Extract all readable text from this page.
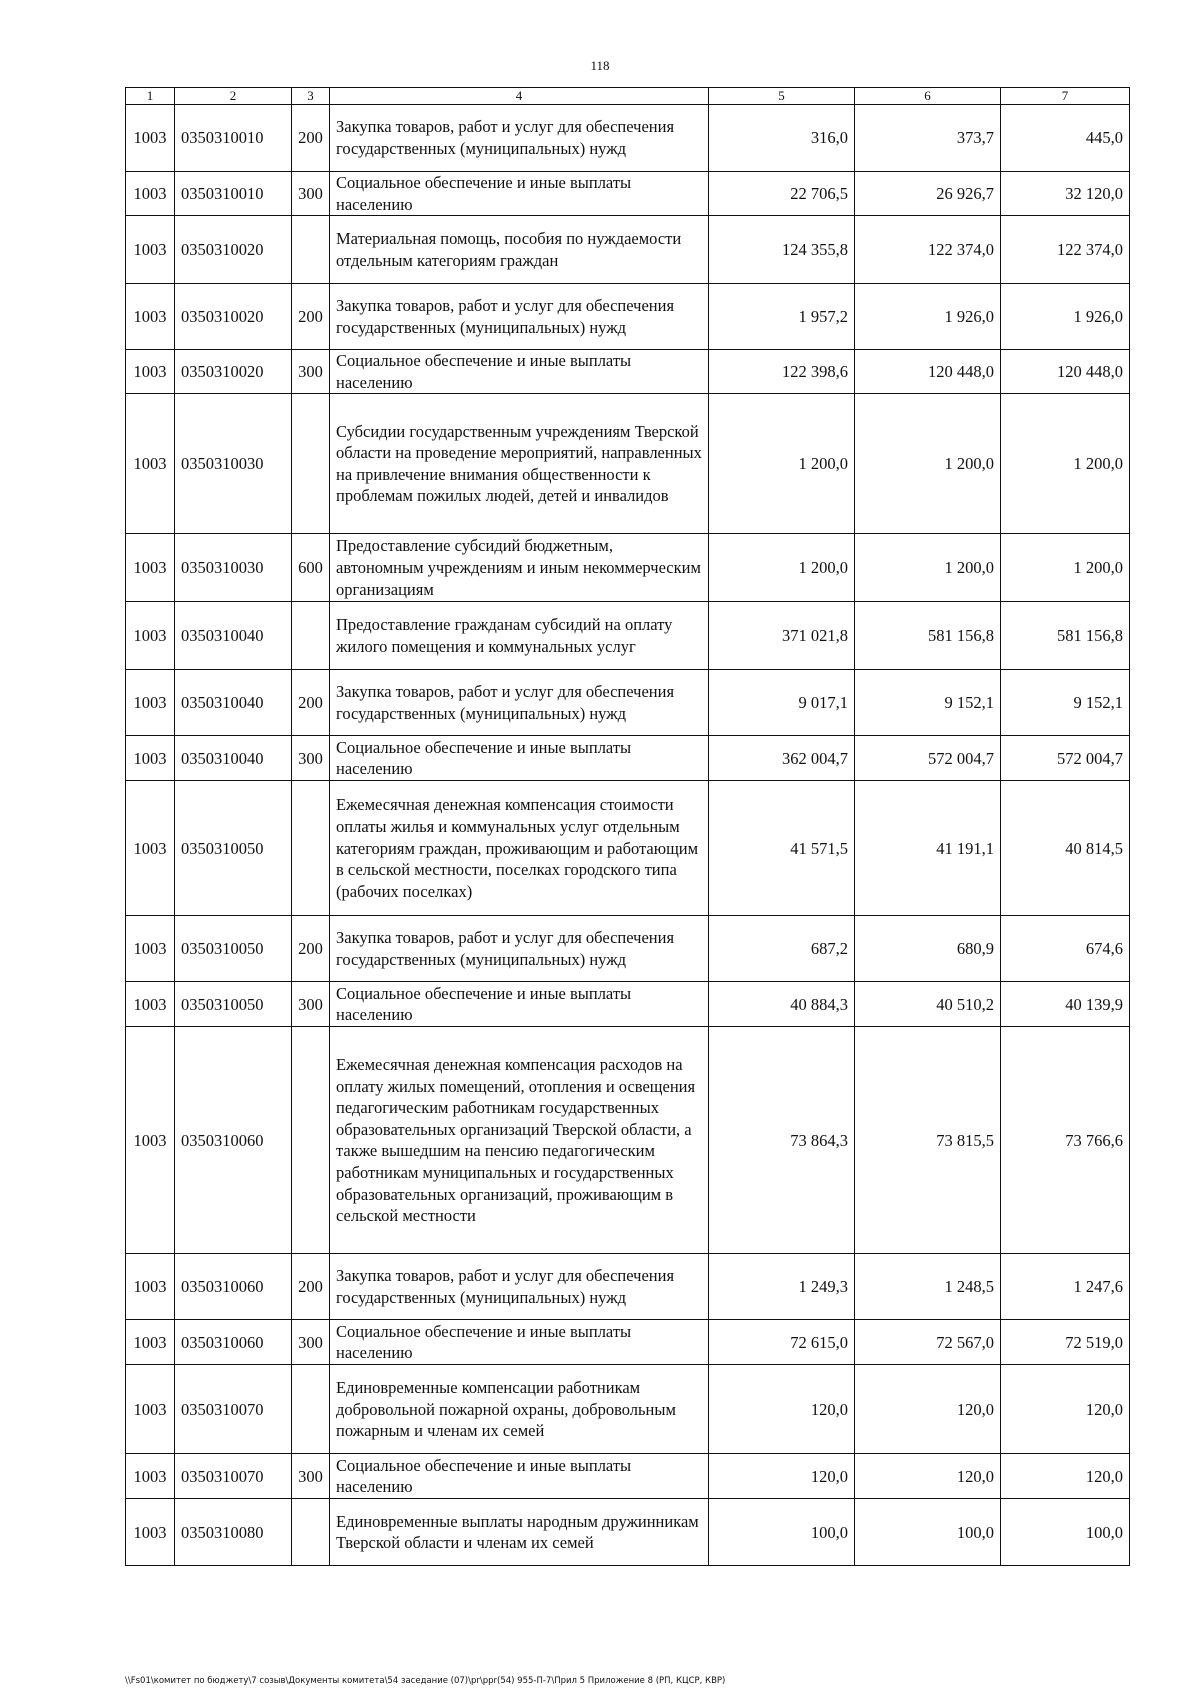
118
1	2	3	4	5	6	7
1003	0350310010	200	Закупка товаров, работ и услуг для обеспечения государственных (муниципальных) нужд	316,0	373,7	445,0
1003	0350310010	300	Социальное обеспечение и иные выплаты населению	22 706,5	26 926,7	32 120,0
1003	0350310020		Материальная помощь, пособия по нуждаемости отдельным категориям граждан	124 355,8	122 374,0	122 374,0
1003	0350310020	200	Закупка товаров, работ и услуг для обеспечения государственных (муниципальных) нужд	1 957,2	1 926,0	1 926,0
1003	0350310020	300	Социальное обеспечение и иные выплаты населению	122 398,6	120 448,0	120 448,0
1003	0350310030		Субсидии государственным учреждениям Тверской области на проведение мероприятий, направленных на привлечение внимания общественности к проблемам пожилых людей, детей и инвалидов	1 200,0	1 200,0	1 200,0
1003	0350310030	600	Предоставление субсидий бюджетным, автономным учреждениям и иным некоммерческим организациям	1 200,0	1 200,0	1 200,0
1003	0350310040		Предоставление гражданам субсидий на оплату жилого помещения и коммунальных услуг	371 021,8	581 156,8	581 156,8
1003	0350310040	200	Закупка товаров, работ и услуг для обеспечения государственных (муниципальных) нужд	9 017,1	9 152,1	9 152,1
1003	0350310040	300	Социальное обеспечение и иные выплаты населению	362 004,7	572 004,7	572 004,7
1003	0350310050		Ежемесячная денежная компенсация стоимости оплаты жилья и коммунальных услуг отдельным категориям граждан, проживающим и работающим в сельской местности, поселках городского типа (рабочих поселках)	41 571,5	41 191,1	40 814,5
1003	0350310050	200	Закупка товаров, работ и услуг для обеспечения государственных (муниципальных) нужд	687,2	680,9	674,6
1003	0350310050	300	Социальное обеспечение и иные выплаты населению	40 884,3	40 510,2	40 139,9
1003	0350310060		Ежемесячная денежная компенсация расходов на оплату жилых помещений, отопления и освещения педагогическим работникам государственных образовательных организаций Тверской области, а также вышедшим на пенсию педагогическим работникам муниципальных и государственных образовательных организаций, проживающим в сельской местности	73 864,3	73 815,5	73 766,6
1003	0350310060	200	Закупка товаров, работ и услуг для обеспечения государственных (муниципальных) нужд	1 249,3	1 248,5	1 247,6
1003	0350310060	300	Социальное обеспечение и иные выплаты населению	72 615,0	72 567,0	72 519,0
1003	0350310070		Единовременные компенсации работникам добровольной пожарной охраны, добровольным пожарным и членам их семей	120,0	120,0	120,0
1003	0350310070	300	Социальное обеспечение и иные выплаты населению	120,0	120,0	120,0
1003	0350310080		Единовременные выплаты народным дружинникам Тверской области и членам их семей	100,0	100,0	100,0
\\Fs01\комитет по бюджету\7 созыв\Документы комитета\54 заседание (07)\pr\ppr(54) 955-П-7\Прил 5 Приложение 8 (РП, КЦСР, КВР)
